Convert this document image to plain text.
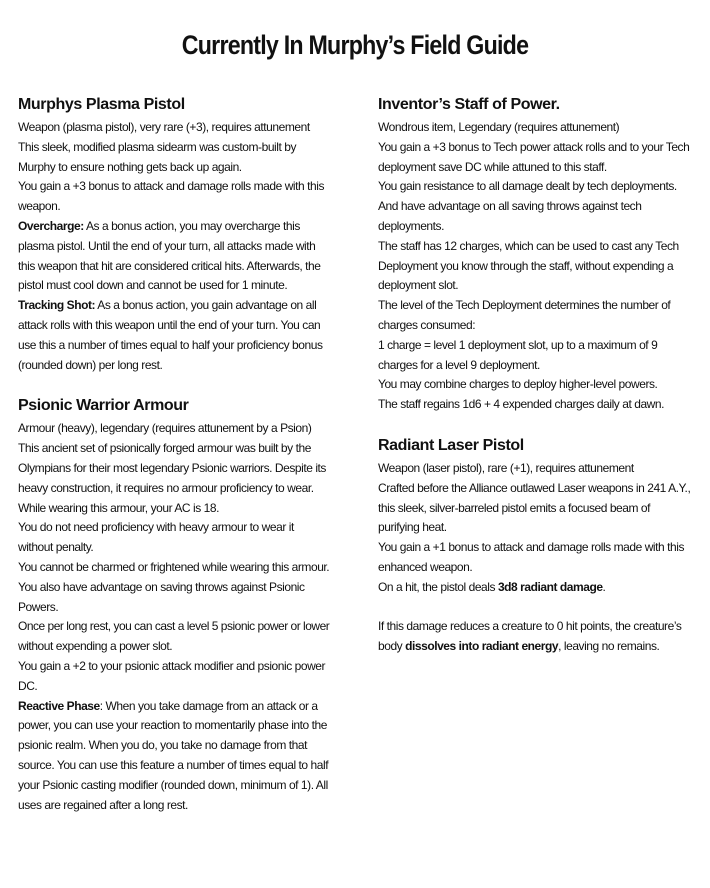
Currently In Murphy’s Field Guide
Murphys Plasma Pistol
Weapon (plasma pistol), very rare (+3), requires attunement
This sleek, modified plasma sidearm was custom-built by
Murphy to ensure nothing gets back up again.
You gain a +3 bonus to attack and damage rolls made with this
weapon.
Overcharge: As a bonus action, you may overcharge this
plasma pistol. Until the end of your turn, all attacks made with
this weapon that hit are considered critical hits. Afterwards, the
pistol must cool down and cannot be used for 1 minute.
Tracking Shot: As a bonus action, you gain advantage on all
attack rolls with this weapon until the end of your turn. You can
use this a number of times equal to half your proficiency bonus
(rounded down) per long rest.
Psionic Warrior Armour
Armour (heavy), legendary (requires attunement by a Psion)
This ancient set of psionically forged armour was built by the
Olympians for their most legendary Psionic warriors. Despite its
heavy construction, it requires no armour proficiency to wear.
While wearing this armour, your AC is 18.
You do not need proficiency with heavy armour to wear it
without penalty.
You cannot be charmed or frightened while wearing this armour.
You also have advantage on saving throws against Psionic
Powers.
Once per long rest, you can cast a level 5 psionic power or lower
without expending a power slot.
You gain a +2 to your psionic attack modifier and psionic power
DC.
Reactive Phase: When you take damage from an attack or a
power, you can use your reaction to momentarily phase into the
psionic realm. When you do, you take no damage from that
source. You can use this feature a number of times equal to half
your Psionic casting modifier (rounded down, minimum of 1). All
uses are regained after a long rest.
Inventor’s Staff of Power.
Wondrous item, Legendary (requires attunement)
You gain a +3 bonus to Tech power attack rolls and to your Tech
deployment save DC while attuned to this staff.
You gain resistance to all damage dealt by tech deployments.
And have advantage on all saving throws against tech
deployments.
The staff has 12 charges, which can be used to cast any Tech
Deployment you know through the staff, without expending a
deployment slot.
The level of the Tech Deployment determines the number of
charges consumed:
1 charge = level 1 deployment slot, up to a maximum of 9
charges for a level 9 deployment.
You may combine charges to deploy higher-level powers.
The staff regains 1d6 + 4 expended charges daily at dawn.
Radiant Laser Pistol
Weapon (laser pistol), rare (+1), requires attunement
Crafted before the Alliance outlawed Laser weapons in 241 A.Y.,
this sleek, silver-barreled pistol emits a focused beam of
purifying heat.
You gain a +1 bonus to attack and damage rolls made with this
enhanced weapon.
On a hit, the pistol deals 3d8 radiant damage.
If this damage reduces a creature to 0 hit points, the creature’s
body dissolves into radiant energy, leaving no remains.
